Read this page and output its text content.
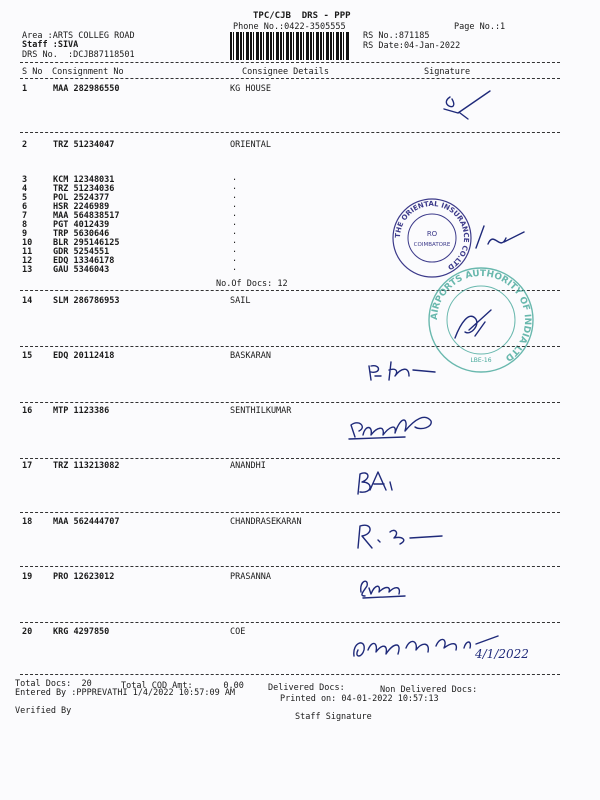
TPC/CJB  DRS - PPP
Phone No.:0422-3505555	Page No.:1
Area :ARTS COLLEG ROAD
Staff :SIVA
DRS No.  :DCJB87118501
RS No.:871185
RS Date:04-Jan-2022
S No Consignment No	Consignee Details	Signature
1	MAA 282986550	KG HOUSE
2	TRZ 51234047	ORIENTAL
3	KCM 12348031	.
4	TRZ 51234036	.
5	POL 2524377	.
6	HSR 2246989	.
7	MAA 564838517	.
8	PGT 4012439	.
9	TRP 5630646	.
10 BLR 295146125	.
11 GDR 5254551	.
12 EDQ 13346178	.
13 GAU 5346043	.
No.Of Docs: 12
THE ORIENTAL INSURANCE CO.LTD
RO
COIMBATORE
14 SLM 286786953	SAIL
AIRPORTS AUTHORITY OF INDIA LTD
LBE-16
15 EDQ 20112418	BASKARAN
16 MTP 1123386	SENTHILKUMAR
17 TRZ 113213082	ANANDHI
18 MAA 562444707	CHANDRASEKARAN
19 PRO 12623012	PRASANNA
20 KRG 4297850	COE
4/1/2022
Total Docs:  20	Total COD Amt:      0.00	Delivered Docs:	Non Delivered Docs:
Entered By :PPPREVATHI 1/4/2022 10:57:09 AM
Printed on: 04-01-2022 10:57:13
Verified By
Staff Signature
